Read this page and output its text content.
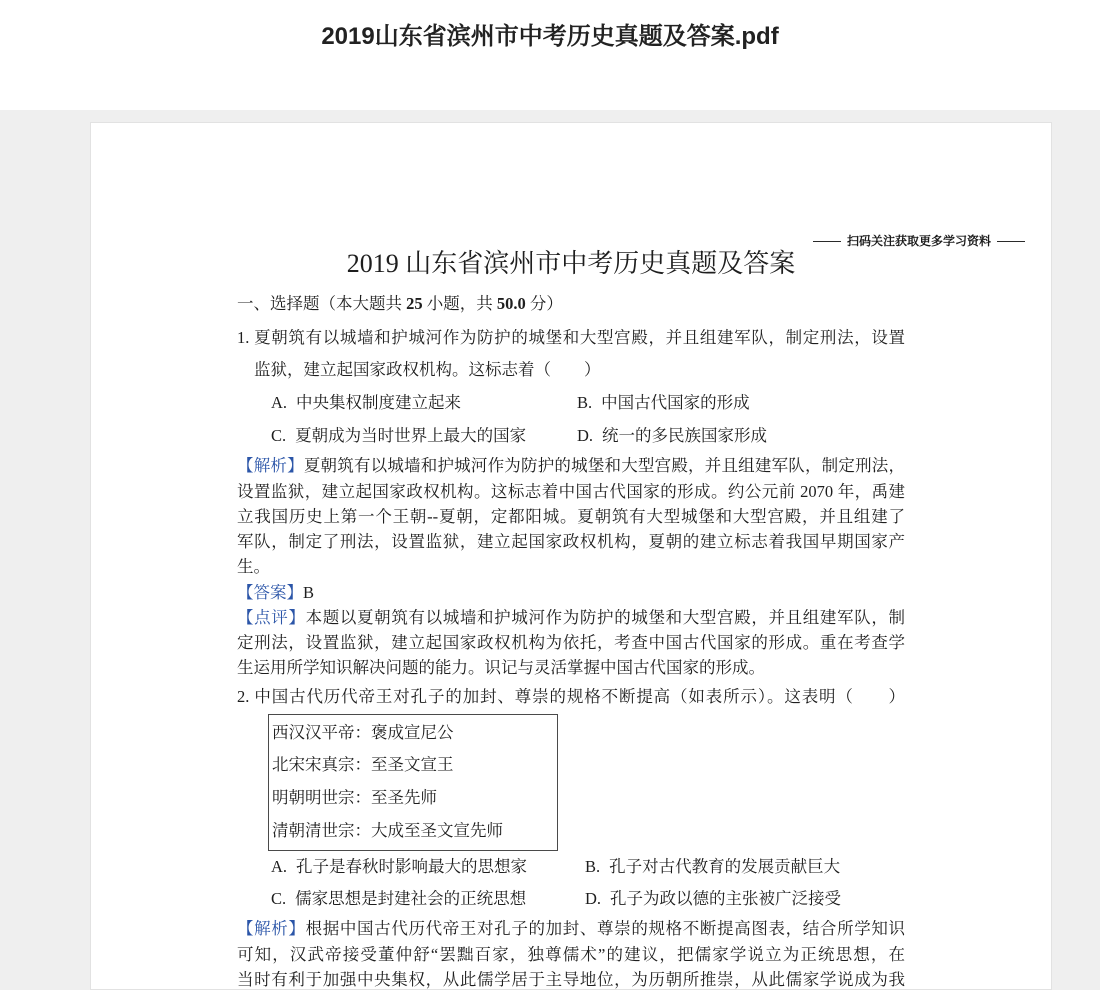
2019山东省滨州市中考历史真题及答案.pdf
扫码关注获取更多学习资料
2019 山东省滨州市中考历史真题及答案
一、选择题（本大题共 25 小题，共 50.0 分）
1. 夏朝筑有以城墙和护城河作为防护的城堡和大型宫殿，并且组建军队，制定刑法，设置
监狱，建立起国家政权机构。这标志着（　　）
A. 中央集权制度建立起来	B. 中国古代国家的形成
C. 夏朝成为当时世界上最大的国家	D. 统一的多民族国家形成
【解析】夏朝筑有以城墙和护城河作为防护的城堡和大型宫殿，并且组建军队，制定刑法，
设置监狱，建立起国家政权机构。这标志着中国古代国家的形成。约公元前 2070 年，禹建
立我国历史上第一个王朝--夏朝，定都阳城。夏朝筑有大型城堡和大型宫殿，并且组建了
军队，制定了刑法，设置监狱，建立起国家政权机构，夏朝的建立标志着我国早期国家产
生。
【答案】B
【点评】本题以夏朝筑有以城墙和护城河作为防护的城堡和大型宫殿，并且组建军队，制
定刑法，设置监狱，建立起国家政权机构为依托，考查中国古代国家的形成。重在考查学
生运用所学知识解决问题的能力。识记与灵活掌握中国古代国家的形成。
2. 中国古代历代帝王对孔子的加封、尊崇的规格不断提高（如表所示）。这表明（　　）
西汉汉平帝：褒成宣尼公
北宋宋真宗：至圣文宣王
明朝明世宗：至圣先师
清朝清世宗：大成至圣文宣先师
A. 孔子是春秋时影响最大的思想家	B. 孔子对古代教育的发展贡献巨大
C. 儒家思想是封建社会的正统思想	D. 孔子为政以德的主张被广泛接受
【解析】根据中国古代历代帝王对孔子的加封、尊崇的规格不断提高图表，结合所学知识
可知，汉武帝接受董仲舒“罢黜百家，独尊儒术”的建议，把儒家学说立为正统思想，在
当时有利于加强中央集权，从此儒学居于主导地位，为历朝所推崇，从此儒家学说成为我
